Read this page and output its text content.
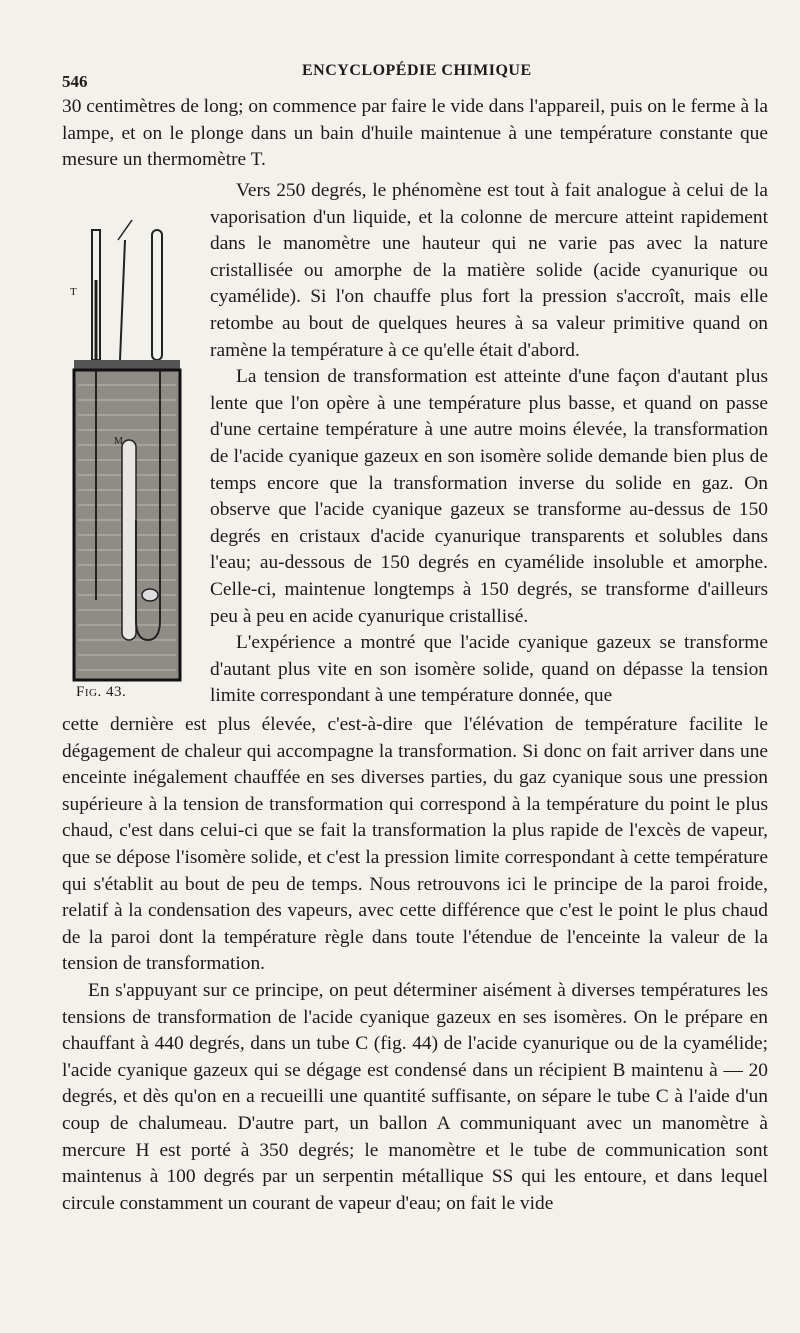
546
ENCYCLOPÉDIE CHIMIQUE

30 centimètres de long; on commence par faire le vide dans l'appareil, puis on le ferme à la lampe, et on le plonge dans un bain d'huile maintenue à une température constante que mesure un thermomètre T.

T
M
Fig. 43.

Vers 250 degrés, le phénomène est tout à fait analogue à celui de la vaporisation d'un liquide, et la colonne de mercure atteint rapidement dans le manomètre une hauteur qui ne varie pas avec la nature cristallisée ou amorphe de la matière solide (acide cyanurique ou cyamélide). Si l'on chauffe plus fort la pression s'accroît, mais elle retombe au bout de quelques heures à sa valeur primitive quand on ramène la température à ce qu'elle était d'abord.

La tension de transformation est atteinte d'une façon d'autant plus lente que l'on opère à une température plus basse, et quand on passe d'une certaine température à une autre moins élevée, la transformation de l'acide cyanique gazeux en son isomère solide demande bien plus de temps encore que la transformation inverse du solide en gaz. On observe que l'acide cyanique gazeux se transforme au-dessus de 150 degrés en cristaux d'acide cyanurique transparents et solubles dans l'eau; au-dessous de 150 degrés en cyamélide insoluble et amorphe. Celle-ci, maintenue longtemps à 150 degrés, se transforme d'ailleurs peu à peu en acide cyanurique cristallisé.

L'expérience a montré que l'acide cyanique gazeux se transforme d'autant plus vite en son isomère solide, quand on dépasse la tension limite correspondant à une température donnée, que

cette dernière est plus élevée, c'est-à-dire que l'élévation de température facilite le dégagement de chaleur qui accompagne la transformation. Si donc on fait arriver dans une enceinte inégalement chauffée en ses diverses parties, du gaz cyanique sous une pression supérieure à la tension de transformation qui correspond à la température du point le plus chaud, c'est dans celui-ci que se fait la transformation la plus rapide de l'excès de vapeur, que se dépose l'isomère solide, et c'est la pression limite correspondant à cette température qui s'établit au bout de peu de temps. Nous retrouvons ici le principe de la paroi froide, relatif à la condensation des vapeurs, avec cette différence que c'est le point le plus chaud de la paroi dont la température règle dans toute l'étendue de l'enceinte la valeur de la tension de transformation.

En s'appuyant sur ce principe, on peut déterminer aisément à diverses températures les tensions de transformation de l'acide cyanique gazeux en ses isomères. On le prépare en chauffant à 440 degrés, dans un tube C (fig. 44) de l'acide cyanurique ou de la cyamélide; l'acide cyanique gazeux qui se dégage est condensé dans un récipient B maintenu à — 20 degrés, et dès qu'on en a recueilli une quantité suffisante, on sépare le tube C à l'aide d'un coup de chalumeau. D'autre part, un ballon A communiquant avec un manomètre à mercure H est porté à 350 degrés; le manomètre et le tube de communication sont maintenus à 100 degrés par un serpentin métallique SS qui les entoure, et dans lequel circule constamment un courant de vapeur d'eau; on fait le vide
